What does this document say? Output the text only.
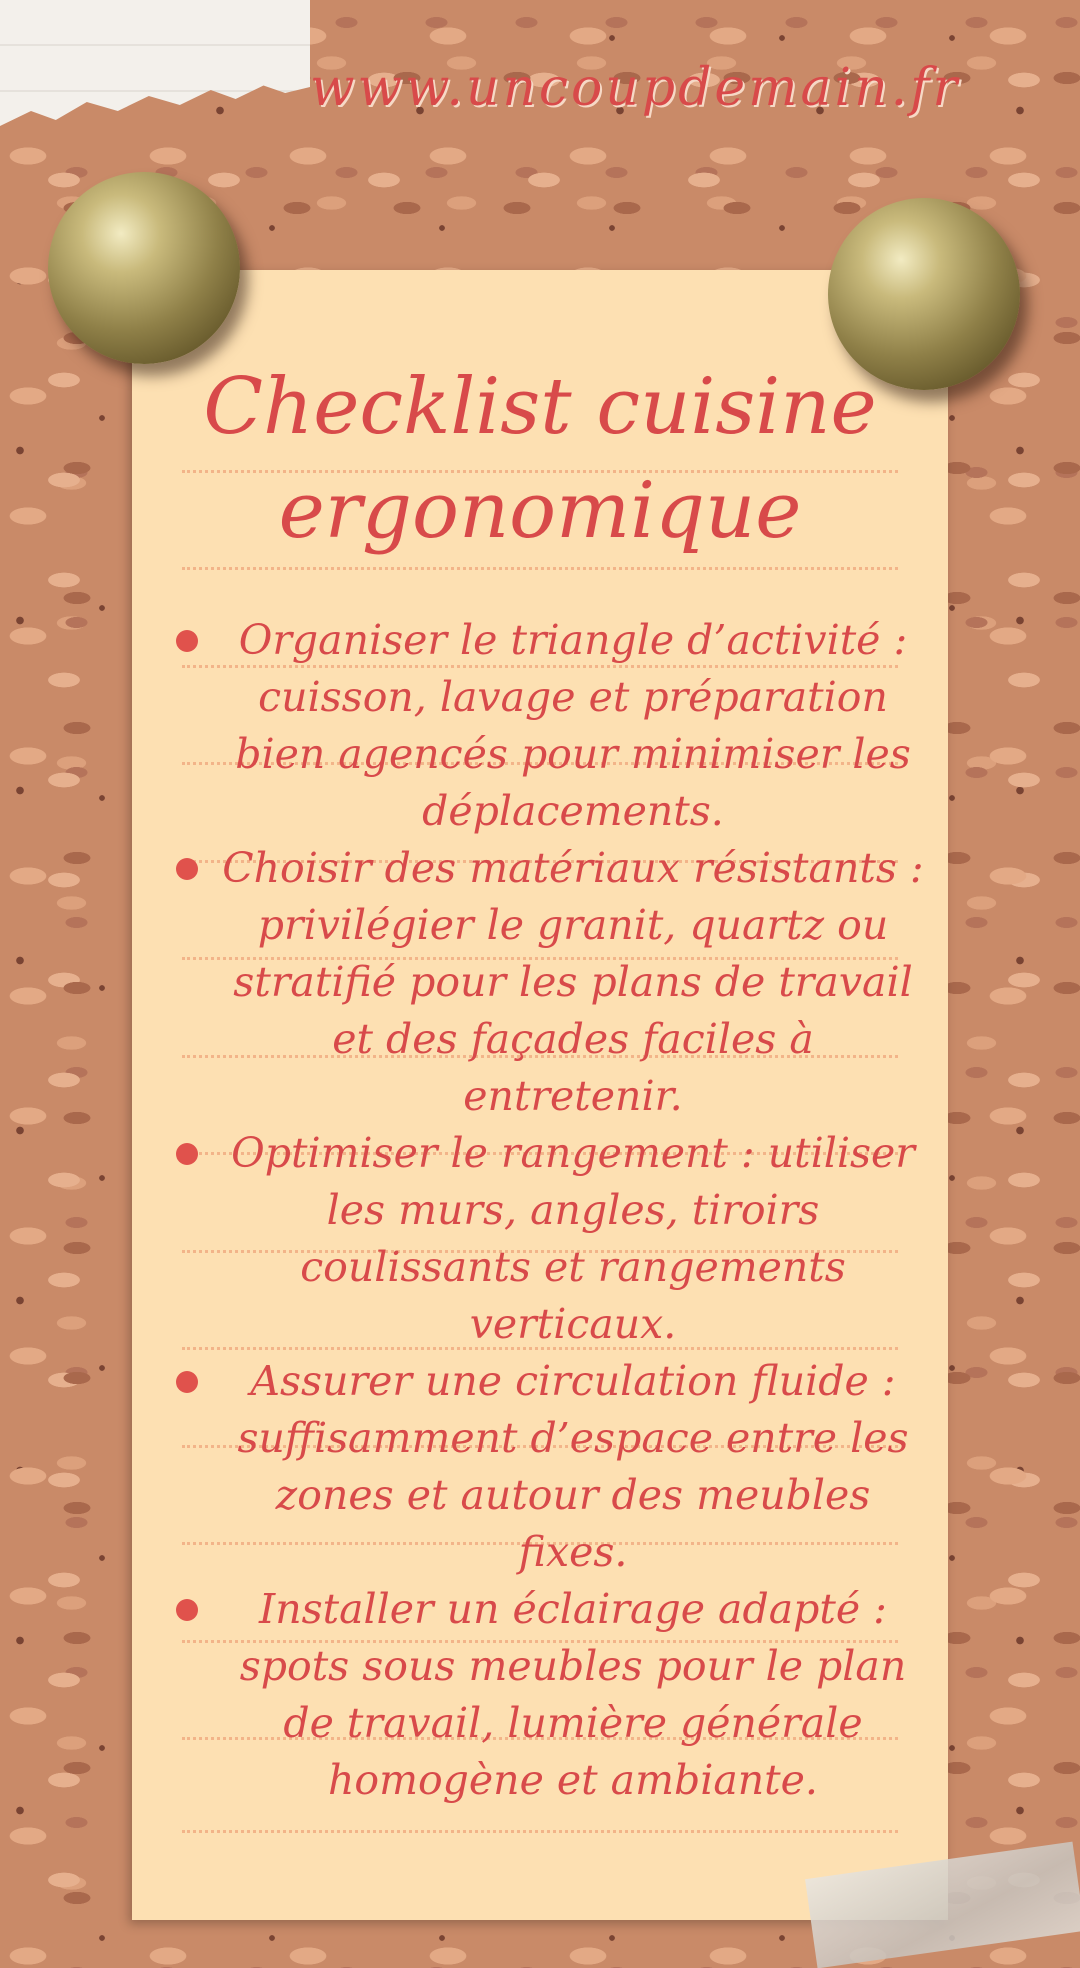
www.uncoupdemain.fr
Checklist cuisine ergonomique
Organiser le triangle d’activité : cuisson, lavage et préparation bien agencés pour minimiser les déplacements.
Choisir des matériaux résistants : privilégier le granit, quartz ou stratifié pour les plans de travail et des façades faciles à entretenir.
Optimiser le rangement : utiliser les murs, angles, tiroirs coulissants et rangements verticaux.
Assurer une circulation fluide : suffisamment d’espace entre les zones et autour des meubles fixes.
Installer un éclairage adapté : spots sous meubles pour le plan de travail, lumière générale homogène et ambiante.
